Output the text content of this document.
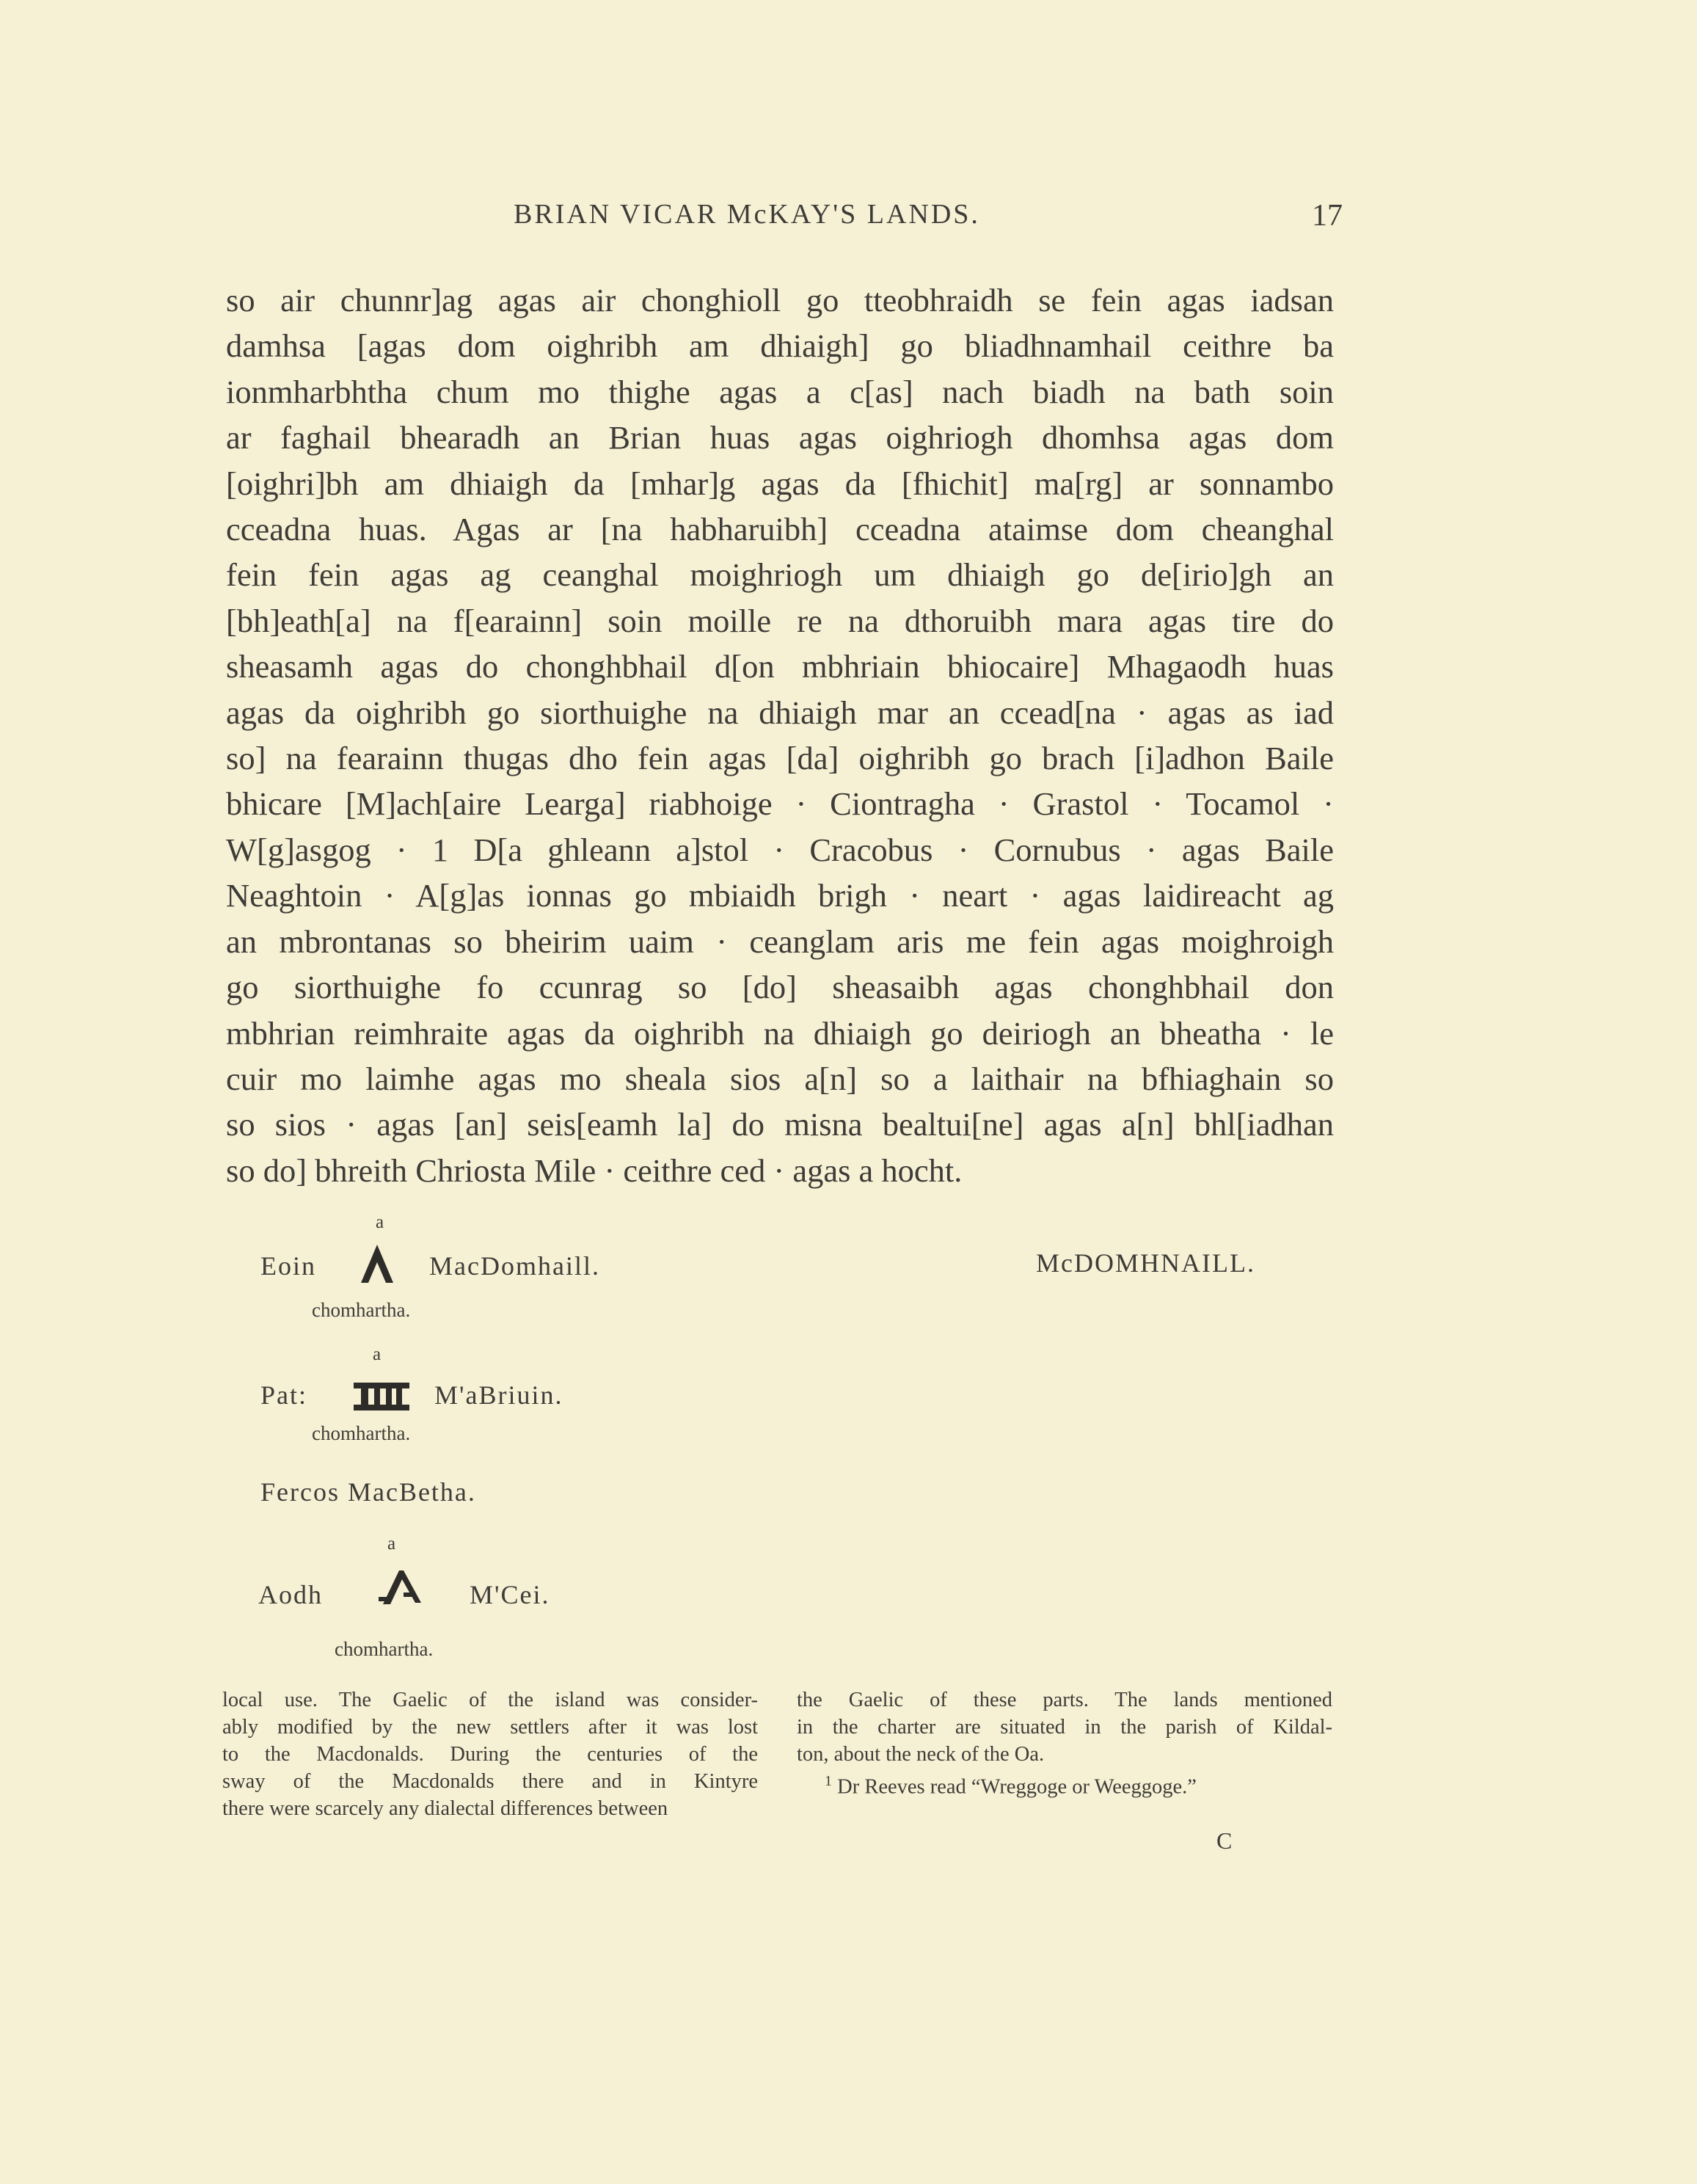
BRIAN VICAR McKAY'S LANDS.	17
so air chunnr]ag agas air chonghioll go tteobhraidh se fein agas iadsan
damhsa [agas dom oighribh am dhiaigh] go bliadhnamhail ceithre ba
ionmharbhtha chum mo thighe agas a c[as] nach biadh na bath soin
ar faghail bhearadh an Brian huas agas oighriogh dhomhsa agas dom
[oighri]bh am dhiaigh da [mhar]g agas da [fhichit] ma[rg] ar sonnambo
cceadna huas. Agas ar [na habharuibh] cceadna ataimse dom cheanghal
fein fein agas ag ceanghal moighriogh um dhiaigh go de[irio]gh an
[bh]eath[a] na f[earainn] soin moille re na dthoruibh mara agas tire do
sheasamh agas do chonghbhail d[on mbhriain bhiocaire] Mhagaodh huas
agas da oighribh go siorthuighe na dhiaigh mar an ccead[na · agas as iad
so] na fearainn thugas dho fein agas [da] oighribh go brach [i]adhon Baile
bhicare [M]ach[aire Learga] riabhoige · Ciontragha · Grastol · Tocamol ·
W[g]asgog · 1 D[a ghleann a]stol · Cracobus · Cornubus · agas Baile
Neaghtoin · A[g]as ionnas go mbiaidh brigh · neart · agas laidireacht ag
an mbrontanas so bheirim uaim · ceanglam aris me fein agas moighroigh
go siorthuighe fo ccunrag so [do] sheasaibh agas chonghbhail don
mbhrian reimhraite agas da oighribh na dhiaigh go deiriogh an bheatha · le
cuir mo laimhe agas mo sheala sios a[n] so a laithair na bfhiaghain so
so sios · agas [an] seis[eamh la] do misna bealtui[ne] agas a[n] bhl[iadhan
so do] bhreith Chriosta Mile · ceithre ced · agas a hocht.
a
Eoin	MacDomhaill.
chomhartha.
McDOMHNAILL.
a
Pat:	M'aBriuin.
chomhartha.
Fercos MacBetha.
a
Aodh	M'Cei.
chomhartha.
local use. The Gaelic of the island was consider-
ably modified by the new settlers after it was lost
to the Macdonalds. During the centuries of the
sway of the Macdonalds there and in Kintyre
there were scarcely any dialectal differences between
the Gaelic of these parts. The lands mentioned
in the charter are situated in the parish of Kildal-
ton, about the neck of the Oa.
$^1$ Dr Reeves read “Wreggoge or Weeggoge.”
C
